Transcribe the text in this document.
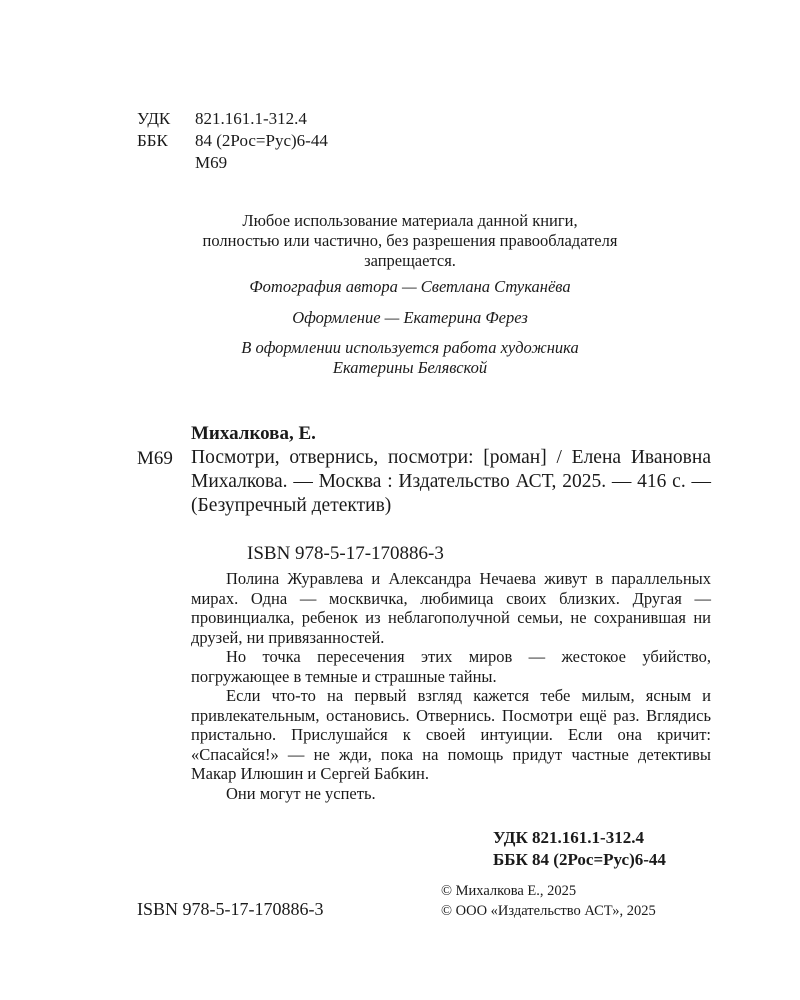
УДК 821.161.1-312.4
ББК 84 (2Рос=Рус)6-44
М69
Любое использование материала данной книги,
полностью или частично, без разрешения правообладателя
запрещается.
Фотография автора — Светлана Стуканёва
Оформление — Екатерина Ферез
В оформлении используется работа художника
Екатерины Белявской
Михалкова, Е.
М69 Посмотри, отвернись, посмотри: [роман] / Елена Ивановна Михалкова. — Москва : Издательство АСТ, 2025. — 416 с. — (Безупречный детектив)
ISBN 978-5-17-170886-3

Полина Журавлева и Александра Нечаева живут в параллельных мирах. Одна — москвичка, любимица своих близких. Другая — провинциалка, ребенок из неблагополучной семьи, не сохранившая ни друзей, ни привязанностей.

Но точка пересечения этих миров — жестокое убийство, погружающее в темные и страшные тайны.

Если что-то на первый взгляд кажется тебе милым, ясным и привлекательным, остановись. Отвернись. Посмотри ещё раз. Вглядись пристально. Прислушайся к своей интуиции. Если она кричит: «Спасайся!» — не жди, пока на помощь придут частные детективы Макар Илюшин и Сергей Бабкин.

Они могут не успеть.

УДК 821.161.1-312.4
ББК 84 (2Рос=Рус)6-44
ISBN 978-5-17-170886-3
© Михалкова Е., 2025
© ООО «Издательство АСТ», 2025
